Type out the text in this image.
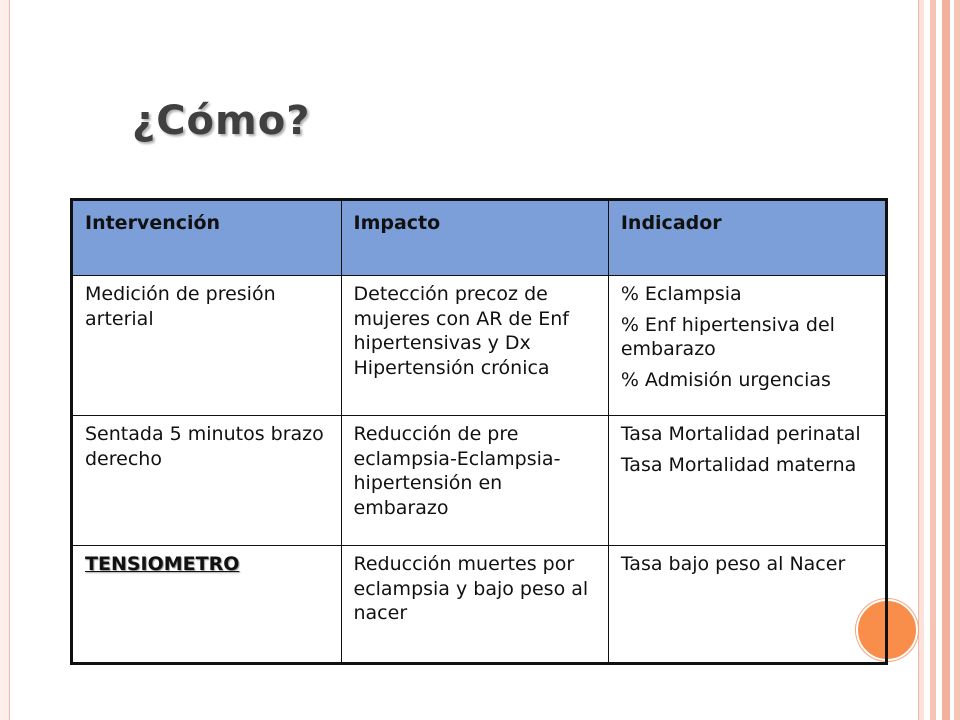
¿Cómo?
Intervención	Impacto	Indicador

Medición de presión arterial	Detección precoz de mujeres con AR de Enf hipertensivas y Dx Hipertensión crónica	% Eclampsia
% Enf hipertensiva del embarazo
% Admisión urgencias

Sentada 5 minutos brazo derecho	Reducción de pre eclampsia-Eclampsia-hipertensión en embarazo	Tasa Mortalidad perinatal
Tasa Mortalidad materna

TENSIOMETRO	Reducción muertes por eclampsia y bajo peso al nacer	Tasa bajo peso al Nacer
